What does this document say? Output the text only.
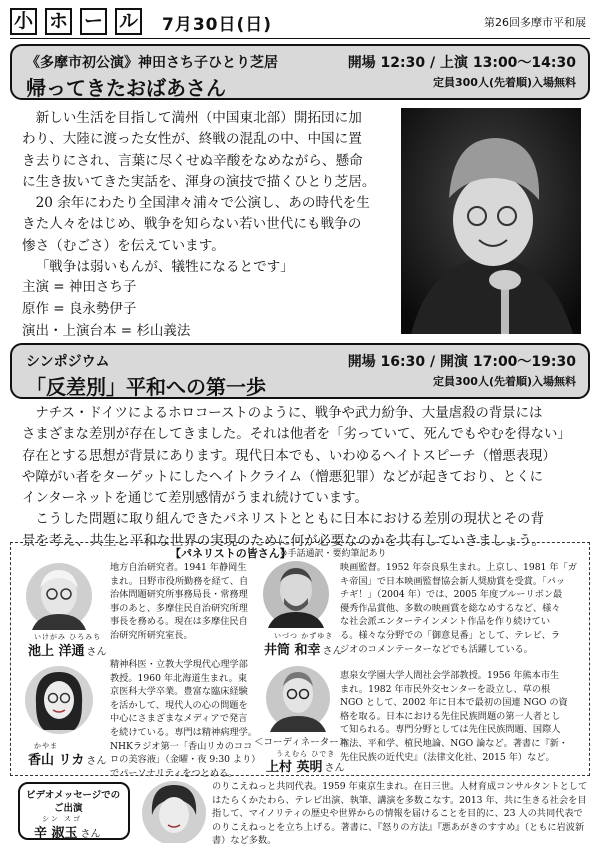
小 ホ ー ル 7月30日(日)	第26回多摩市平和展
《多摩市初公演》神田さち子ひとり芝居
帰ってきたおばあさん
開場 12:30 / 上演 13:00〜14:30
定員300人(先着順)入場無料
新しい生活を目指して満州（中国東北部）開拓団に加
わり、大陸に渡った女性が、終戦の混乱の中、中国に置
き去りにされ、言葉に尽くせぬ辛酸をなめながら、懸命
に生き抜いてきた実話を、渾身の演技で描くひとり芝居。
20 余年にわたり全国津々浦々で公演し、あの時代を生
きた人々をはじめ、戦争を知らない若い世代にも戦争の
惨さ（むごさ）を伝えています。
「戦争は弱いもんが、犠牲になるとです」
主演 = 神田さち子
原作 = 良永勢伊子
演出・上演台本 = 杉山義法
シンポジウム
「反差別」平和への第一歩
開場 16:30 / 開演 17:00〜19:30
定員300人(先着順)入場無料
ナチス・ドイツによるホロコーストのように、戦争や武力紛争、大量虐殺の背景には
さまざまな差別が存在してきました。それは他者を「劣っていて、死んでもやむを得ない」
存在とする思想が背景にあります。現代日本でも、いわゆるヘイトスピーチ（憎悪表現）
や障がい者をターゲットにしたヘイトクライム（憎悪犯罪）などが起きており、とくに
インターネットを通じて差別感情がうまれ続けています。
こうした問題に取り組んできたパネリストとともに日本における差別の現状とその背
景を考え、共生と平和な世界の実現のために何が必要なのかを共有していきましょう。
【パネリストの皆さん】
※手話通訳・要約筆記あり
いけがみ ひろみち
池上 洋通 さん
地方自治研究者。1941 年静岡生
まれ。日野市役所勤務を経て、自
治体問題研究所事務局長・常務理
事のあと、多摩住民自治研究所理
事長を務める。現在は多摩住民自
治研究所研究室長。	いづつ かずゆき
井筒 和幸 さん
映画監督。1952 年奈良県生まれ。上京し、1981 年「ガ
キ帝国」で日本映画監督協会新人奨励賞を受賞。「パッ
チギ！」（2004 年）では、2005 年度ブルーリボン最
優秀作品賞他、多数の映画賞を総なめするなど、様々
な社会派エンターテインメント作品を作り続けてい
る。様々な分野での「御意見番」として、テレビ、ラ
ジオのコメンテーターなどでも活躍している。
かやま
香山 リカ さん
精神科医・立教大学現代心理学部
教授。1960 年北海道生まれ。東
京医科大学卒業。豊富な臨床経験
を活かして、現代人の心の問題を
中心にさまざまなメディアで発言
を続けている。専門は精神病理学。
NHKラジオ第一「香山リカのココ
ロの美容液」（金曜・夜 9:30 より）
でパーソナリティをつとめる。
＜コーディネーター＞
うえむら ひでき
上村 英明 さん
恵泉女学園大学人間社会学部教授。1956 年熊本市生
まれ。1982 年市民外交センターを設立し、草の根
NGO として、2002 年に日本で最初の国連 NGO の資
格を取る。日本における先住民族問題の第一人者とし
て知られる。専門分野としては先住民族問題、国際人
権法、平和学、植民地論、NGO 論など。著書に『新・
先住民族の近代史』（法律文化社、2015 年）など。
ビデオメッセージでの
ご出演
シン スゴ
辛 淑玉 さん
のりこえねっと共同代表。1959 年東京生まれ。在日三世。人材育成コンサルタントとして
はたらくかたわら、テレビ出演、執筆、講演を多数こなす。2013 年、共に生きる社会を目
指して、マイノリティの歴史や世界からの情報を届けることを目的に、23 人の共同代表で
のりこえねっとを立ち上げる。著書に、『怒りの方法』『悪あがきのすすめ』（ともに岩波新
書）など多数。
